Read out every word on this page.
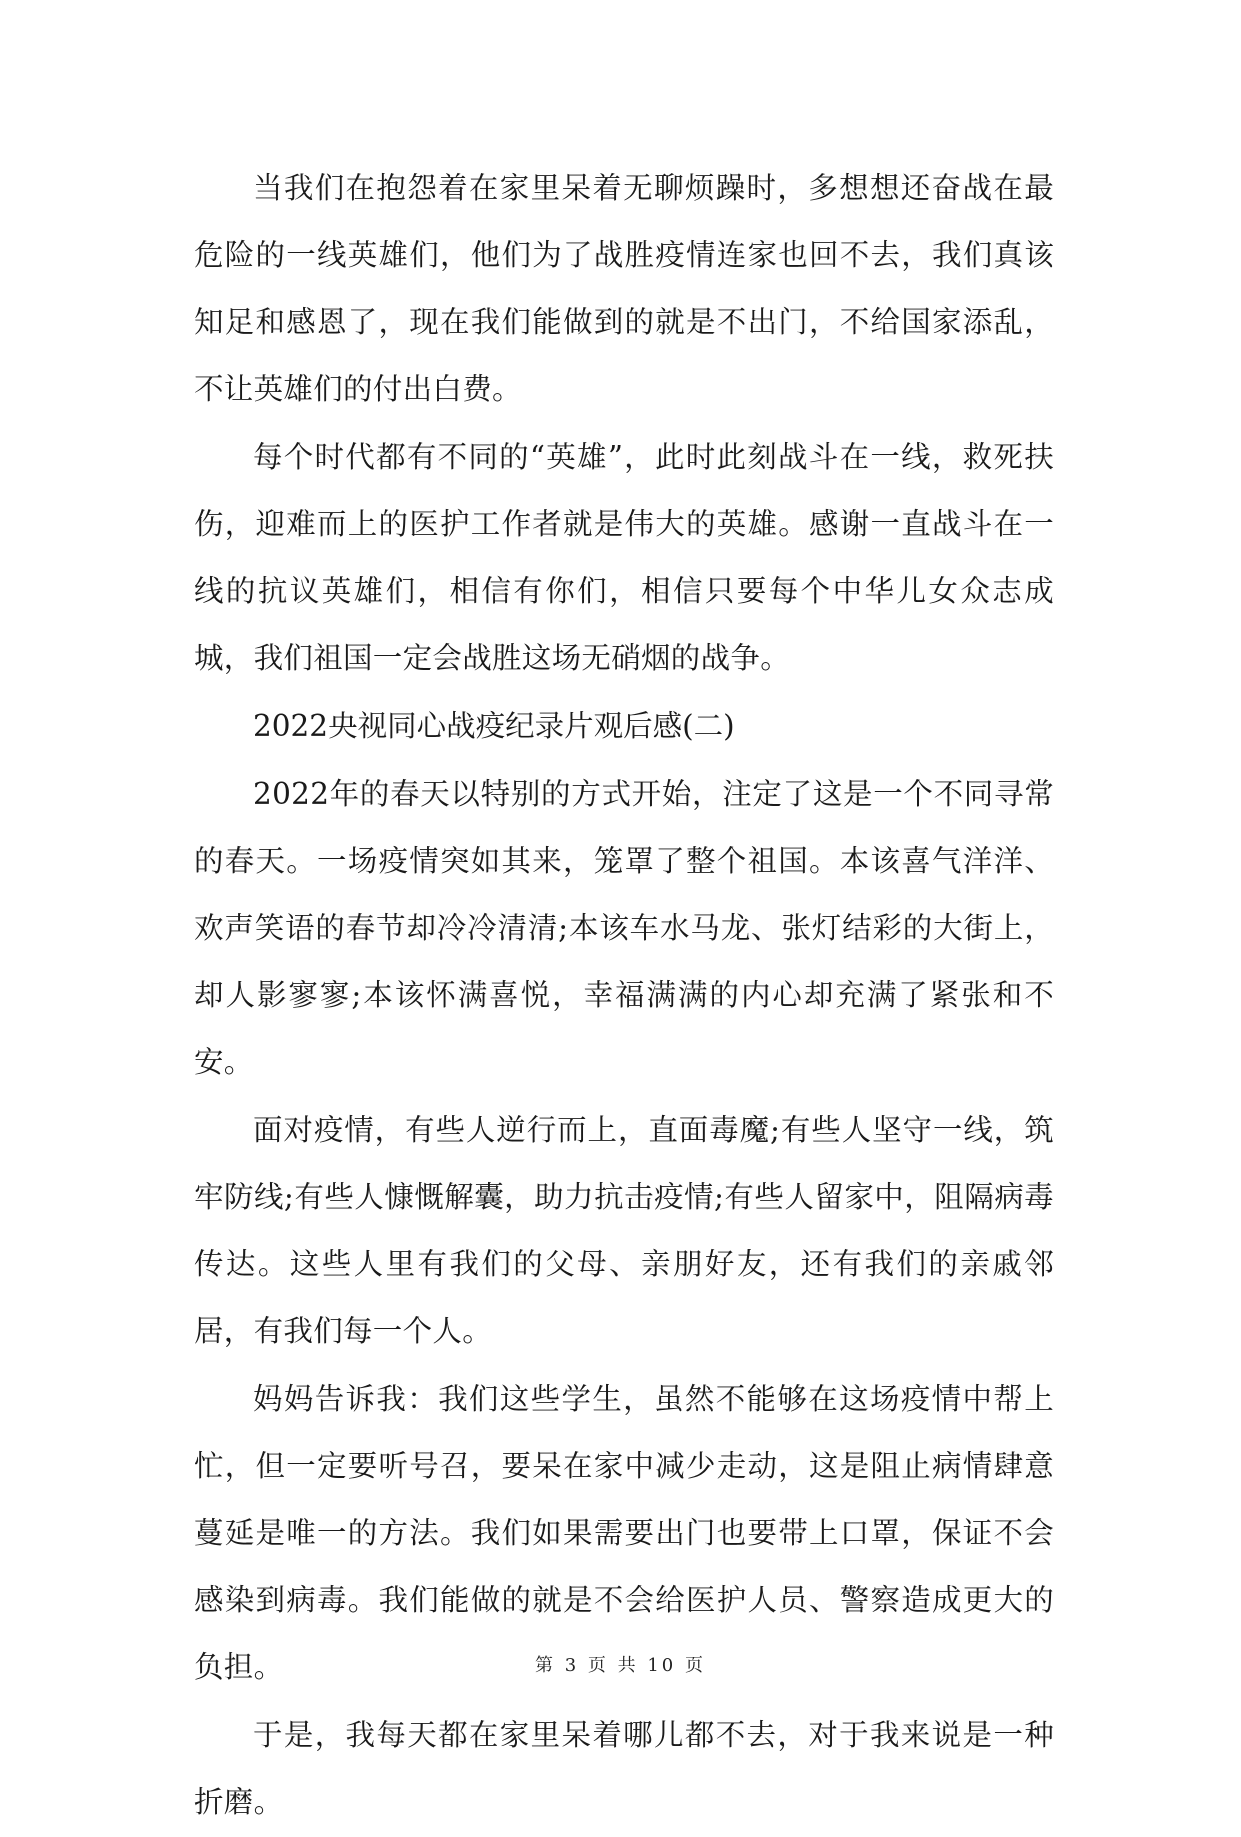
当我们在抱怨着在家里呆着无聊烦躁时，多想想还奋战在最危险的一线英雄们，他们为了战胜疫情连家也回不去，我们真该知足和感恩了，现在我们能做到的就是不出门，不给国家添乱，不让英雄们的付出白费。

每个时代都有不同的“英雄”，此时此刻战斗在一线，救死扶伤，迎难而上的医护工作者就是伟大的英雄。感谢一直战斗在一线的抗议英雄们，相信有你们，相信只要每个中华儿女众志成城，我们祖国一定会战胜这场无硝烟的战争。

2022央视同心战疫纪录片观后感(二)

2022年的春天以特别的方式开始，注定了这是一个不同寻常的春天。一场疫情突如其来，笼罩了整个祖国。本该喜气洋洋、欢声笑语的春节却冷冷清清;本该车水马龙、张灯结彩的大街上，却人影寥寥;本该怀满喜悦，幸福满满的内心却充满了紧张和不安。

面对疫情，有些人逆行而上，直面毒魔;有些人坚守一线，筑牢防线;有些人慷慨解囊，助力抗击疫情;有些人留家中，阻隔病毒传达。这些人里有我们的父母、亲朋好友，还有我们的亲戚邻居，有我们每一个人。

妈妈告诉我：我们这些学生，虽然不能够在这场疫情中帮上忙，但一定要听号召，要呆在家中减少走动，这是阻止病情肆意蔓延是唯一的方法。我们如果需要出门也要带上口罩，保证不会感染到病毒。我们能做的就是不会给医护人员、警察造成更大的负担。

于是，我每天都在家里呆着哪儿都不去，对于我来说是一种折磨。

第 3 页 共 10 页
